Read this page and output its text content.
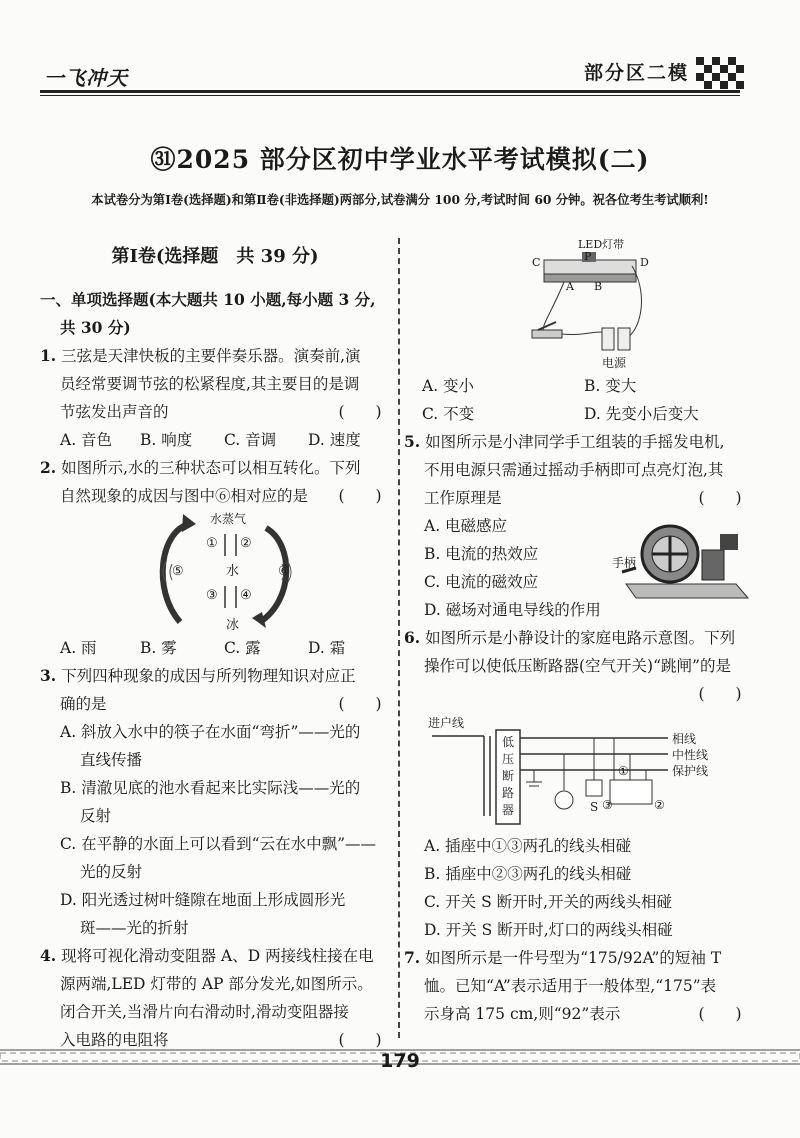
一飞冲天	部分区二模
㉛2025 部分区初中学业水平考试模拟(二)
本试卷分为第Ⅰ卷(选择题)和第Ⅱ卷(非选择题)两部分,试卷满分 100 分,考试时间 60 分钟。祝各位考生考试顺利!
第Ⅰ卷(选择题　共 39 分)

一、单项选择题(本大题共 10 小题,每小题 3 分,

共 30 分)

1. 三弦是天津快板的主要伴奏乐器。演奏前,演

员经常要调节弦的松紧程度,其主要目的是调

节弦发出声音的	(　　)

A. 音色	B. 响度	C. 音调	D. 速度

2. 如图所示,水的三种状态可以相互转化。下列

自然现象的成因与图中⑥相对应的是	(　　)

水蒸气
水
冰
① ②
③ ④
⑤	⑥
A. 雨	B. 雾	C. 露	D. 霜

3. 下列四种现象的成因与所列物理知识对应正

确的是	(　　)

A. 斜放入水中的筷子在水面“弯折”——光的

直线传播

B. 清澈见底的池水看起来比实际浅——光的

反射

C. 在平静的水面上可以看到“云在水中飘”——

光的反射

D. 阳光透过树叶缝隙在地面上形成圆形光

斑——光的折射

4. 现将可视化滑动变阻器 A、D 两接线柱接在电

源两端,LED 灯带的 AP 部分发光,如图所示。

闭合开关,当滑片向右滑动时,滑动变阻器接

入电路的电阻将	(　　)

LED灯带
C	P	D
A B
电源
A. 变小	B. 变大
C. 不变	D. 先变小后变大

5. 如图所示是小津同学手工组装的手摇发电机,

不用电源只需通过摇动手柄即可点亮灯泡,其

工作原理是	(　　)

A. 电磁感应

B. 电流的热效应

C. 电流的磁效应

D. 磁场对通电导线的作用

手柄

6. 如图所示是小静设计的家庭电路示意图。下列

操作可以使低压断路器(空气开关)“跳闸”的是

(　　)

进户线
相线
中性线
保护线
低
压
断
路
器	S
①
②
③

A. 插座中①③两孔的线头相碰

B. 插座中②③两孔的线头相碰

C. 开关 S 断开时,开关的两线头相碰

D. 开关 S 断开时,灯口的两线头相碰

7. 如图所示是一件号型为“175/92A”的短袖 T

恤。已知“A”表示适用于一般体型,“175”表

示身高 175 cm,则“92”表示	(　　)

179
